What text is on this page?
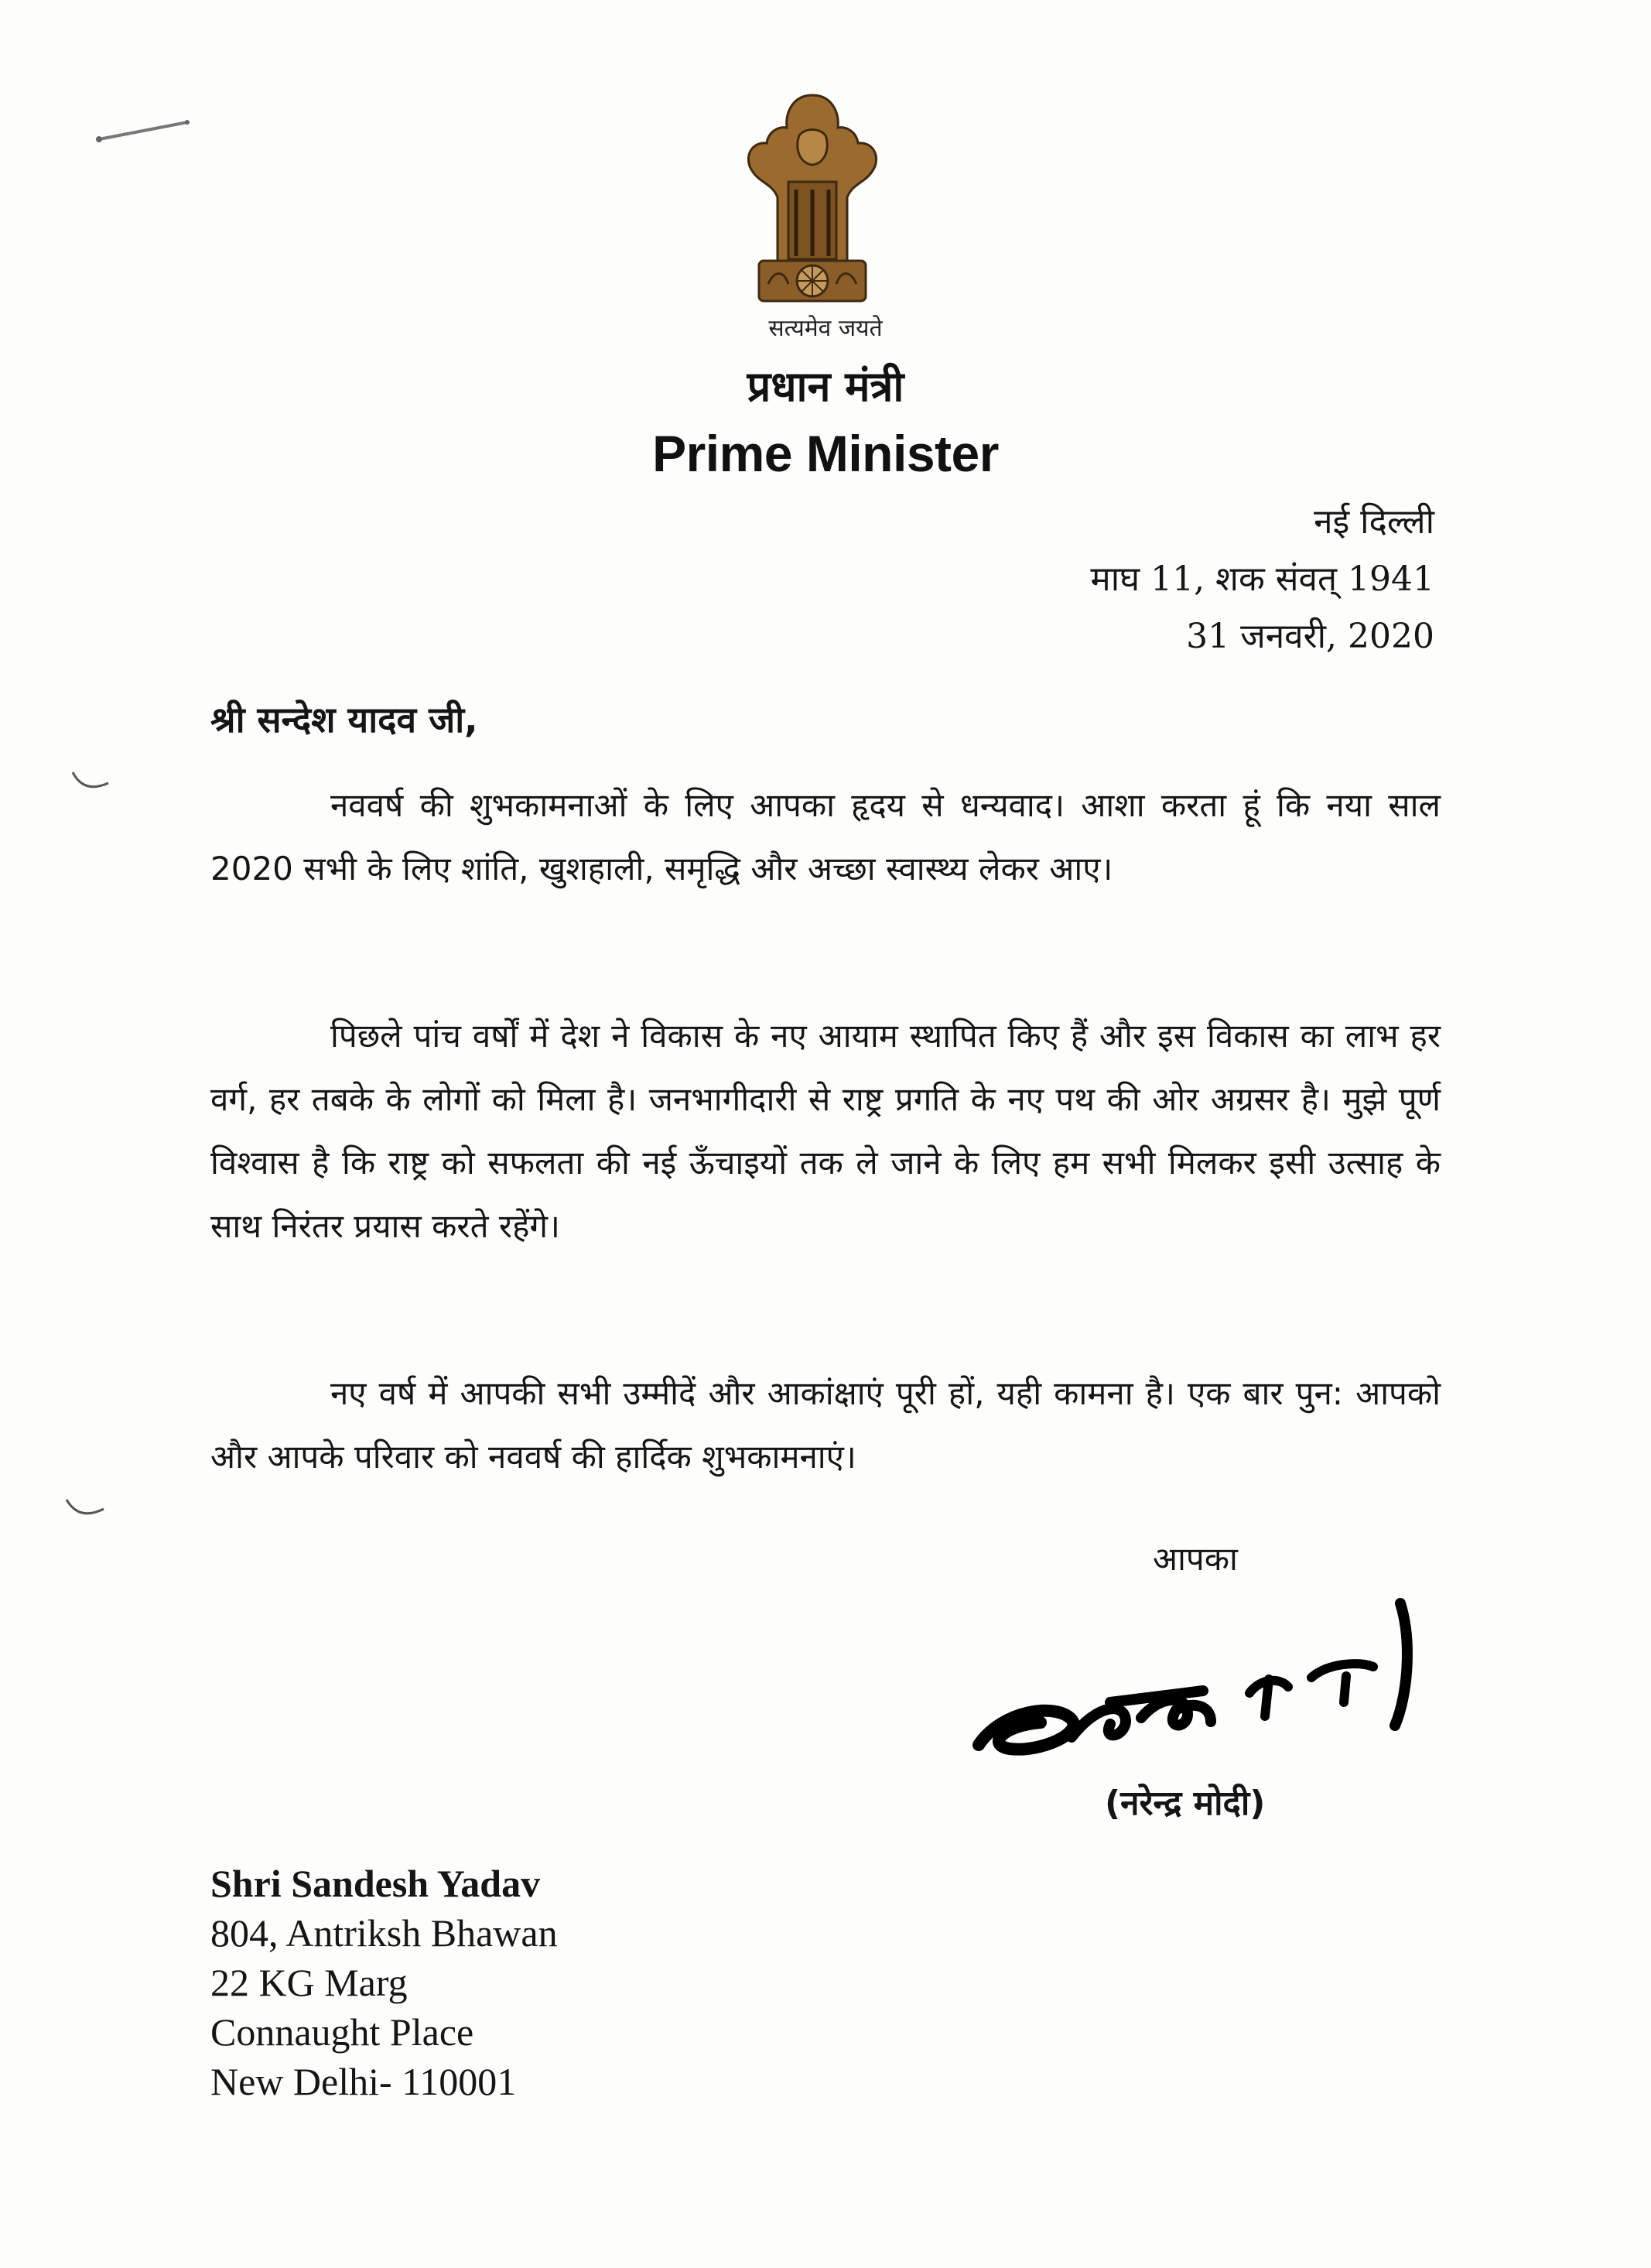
सत्यमेव जयते
प्रधान मंत्री
Prime Minister
नई दिल्ली
माघ 11, शक संवत् 1941
31 जनवरी, 2020
श्री सन्देश यादव जी,

नववर्ष की शुभकामनाओं के लिए आपका हृदय से धन्यवाद। आशा करता हूं कि नया साल 2020 सभी के लिए शांति, खुशहाली, समृद्धि और अच्छा स्वास्थ्य लेकर आए।

पिछले पांच वर्षों में देश ने विकास के नए आयाम स्थापित किए हैं और इस विकास का लाभ हर वर्ग, हर तबके के लोगों को मिला है। जनभागीदारी से राष्ट्र प्रगति के नए पथ की ओर अग्रसर है। मुझे पूर्ण विश्वास है कि राष्ट्र को सफलता की नई ऊँचाइयों तक ले जाने के लिए हम सभी मिलकर इसी उत्साह के साथ निरंतर प्रयास करते रहेंगे।

नए वर्ष में आपकी सभी उम्मीदें और आकांक्षाएं पूरी हों, यही कामना है। एक बार पुन: आपको और आपके परिवार को नववर्ष की हार्दिक शुभकामनाएं।

आपका
(नरेन्द्र मोदी)
Shri Sandesh Yadav
804, Antriksh Bhawan
22 KG Marg
Connaught Place
New Delhi- 110001
